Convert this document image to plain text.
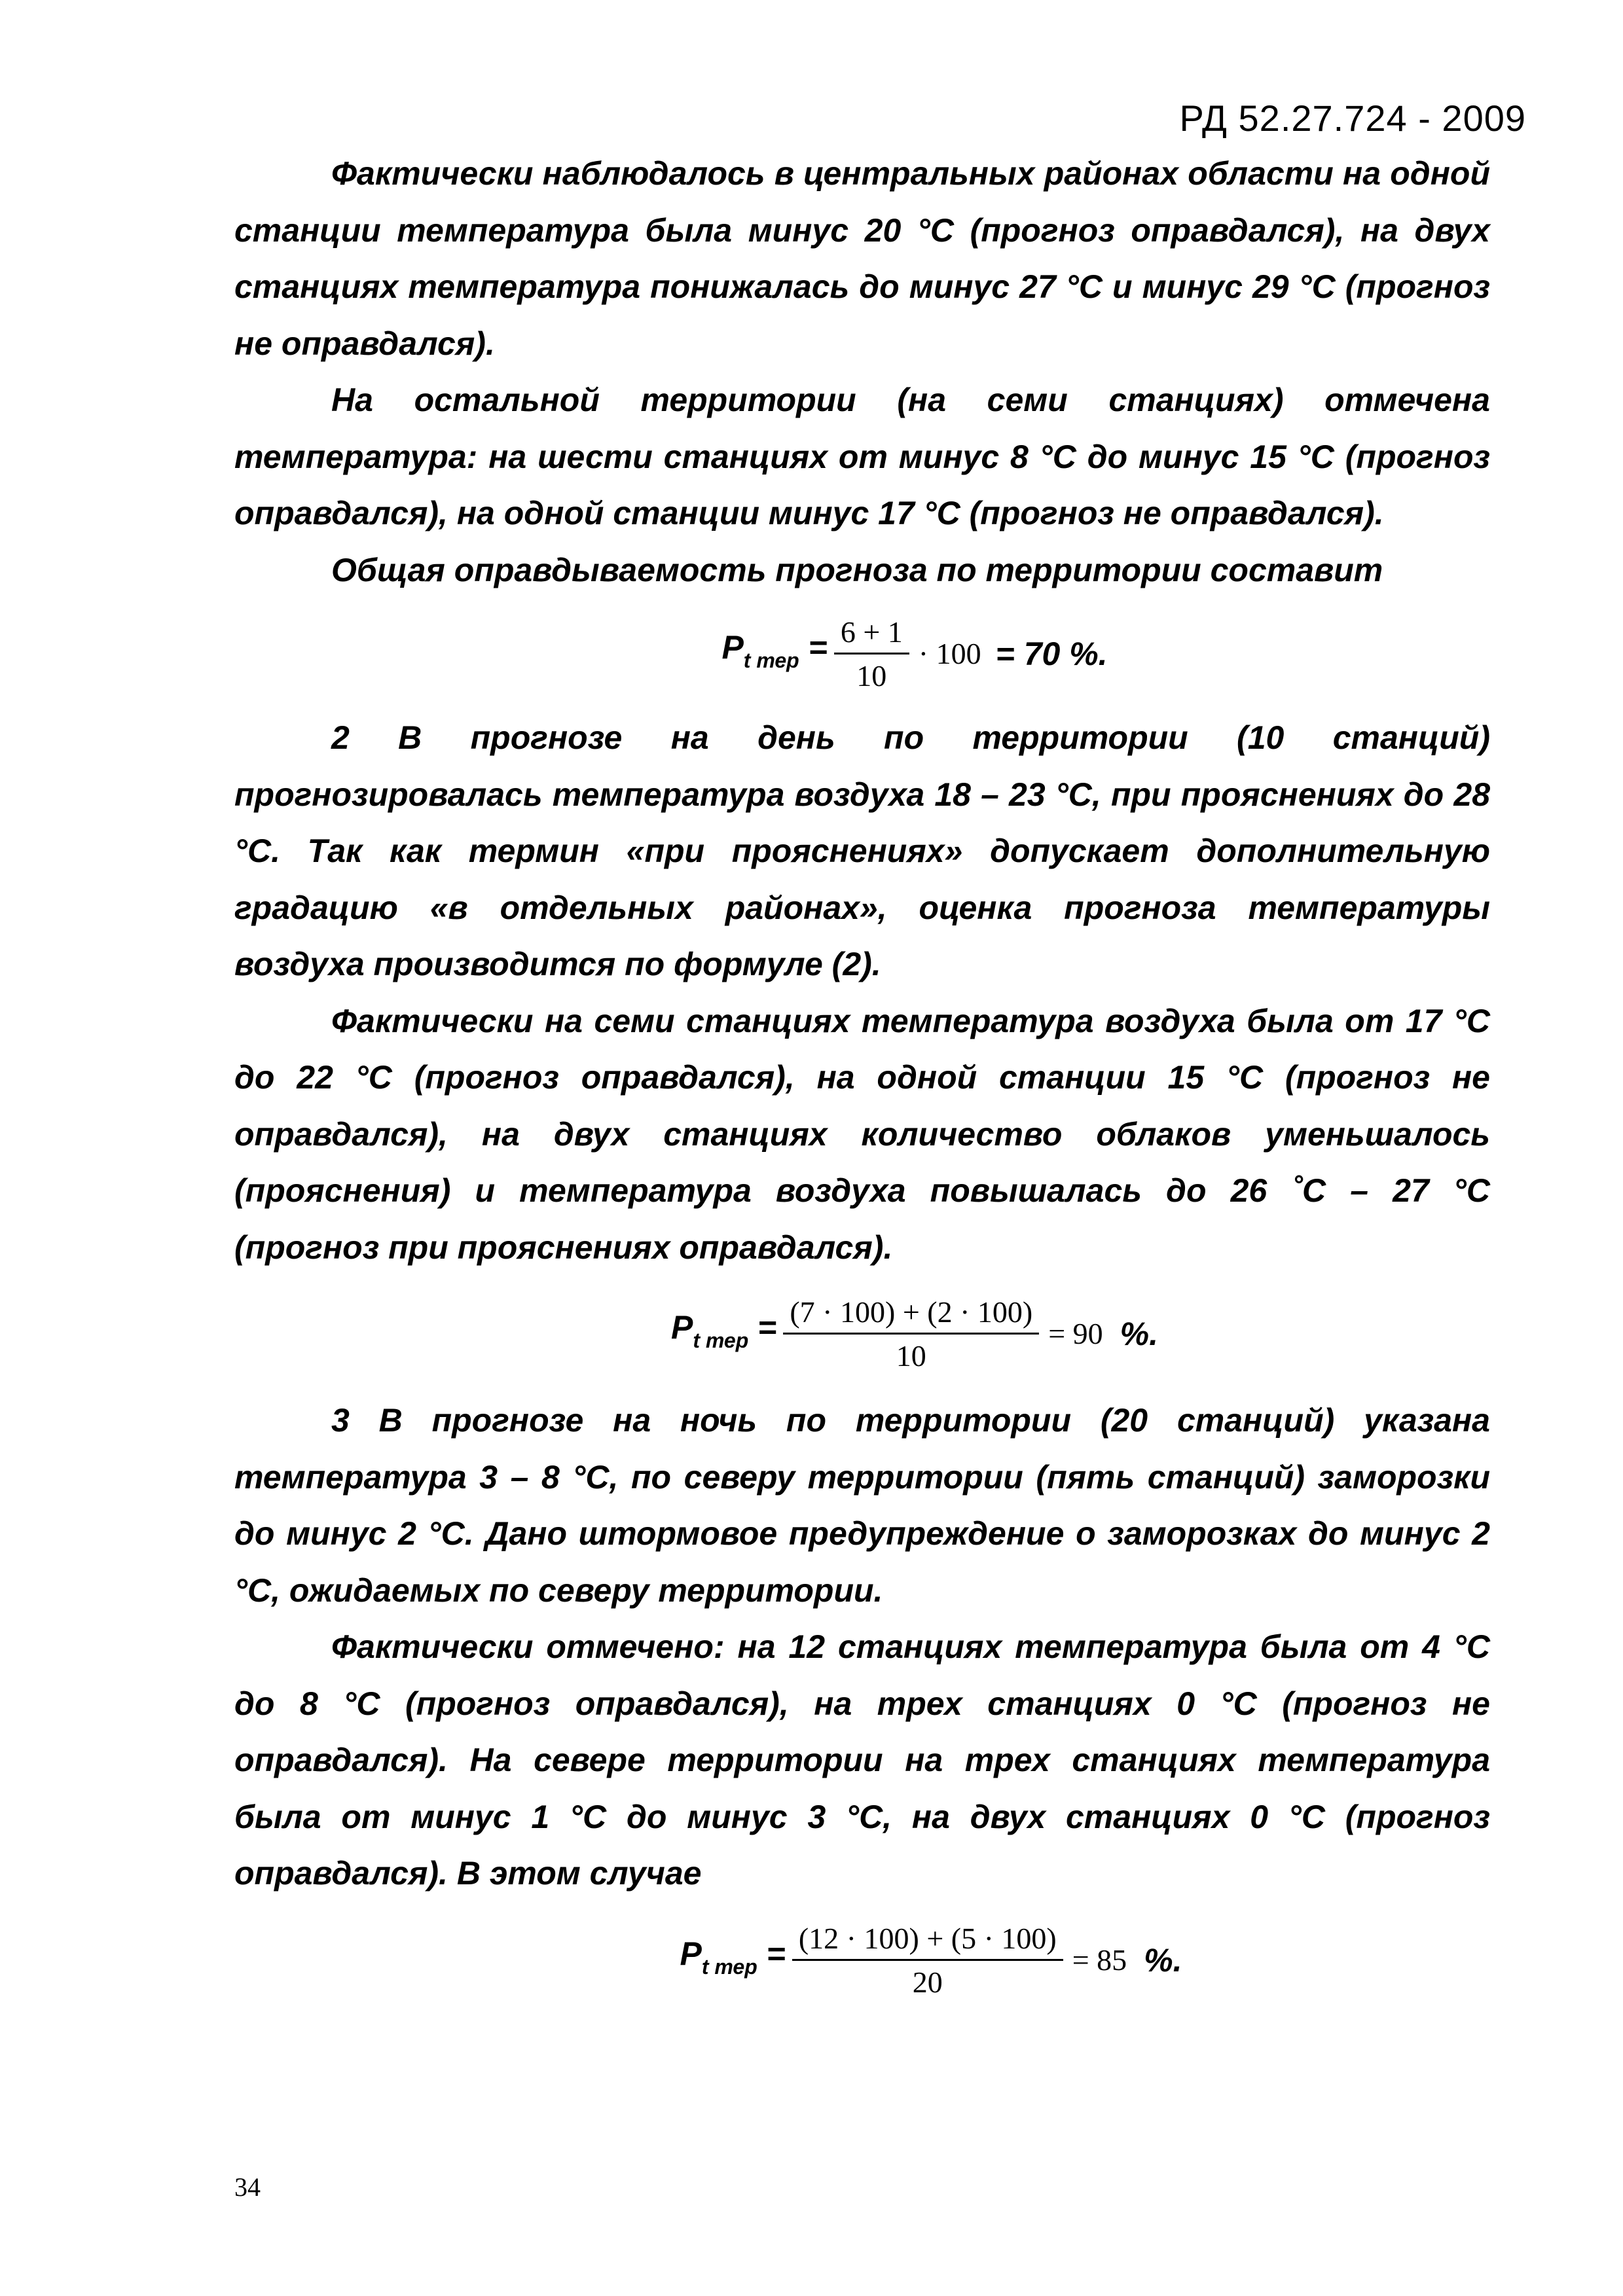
РД 52.27.724 - 2009

Фактически наблюдалось в центральных районах области на одной станции температура была минус 20 °С (прогноз оправдался), на двух станциях температура понижалась до минус 27 °С и минус 29 °С (прогноз не оправдался).

На остальной территории (на семи станциях) отмечена температура: на шести станциях от минус 8 °С до минус 15 °С (прогноз оправдался), на одной станции минус 17 °С (прогноз не оправдался).

Общая оправдываемость прогноза по территории составит

$P_{t тер} = \frac{6 + 1}{10} \cdot 100 = 70$ %.

2 В прогнозе на день по территории (10 станций) прогнозировалась температура воздуха 18 – 23 °С, при прояснениях до 28 °С. Так как термин «при прояснениях» допускает дополнительную градацию «в отдельных районах», оценка прогноза температуры воздуха производится по формуле (2).

Фактически на семи станциях температура воздуха была от 17 °С до 22 °С (прогноз оправдался), на одной станции 15 °С (прогноз не оправдался), на двух станциях количество облаков уменьшалось (прояснения) и температура воздуха повышалась до 26 ˚С – 27 °С (прогноз при прояснениях оправдался).

$P_{t тер} = \frac{(7 \cdot 100) + (2 \cdot 100)}{10} = 90$ %.

3 В прогнозе на ночь по территории (20 станций) указана температура 3 – 8 °С, по северу территории (пять станций) заморозки до минус 2 °С. Дано штормовое предупреждение о заморозках до минус 2 °С, ожидаемых по северу территории.

Фактически отмечено: на 12 станциях температура была от 4 °С до 8 °С (прогноз оправдался), на трех станциях 0 °С (прогноз не оправдался). На севере территории на трех станциях температура была от минус 1 °С до минус 3 °С, на двух станциях 0 °С (прогноз оправдался). В этом случае

$P_{t тер} = \frac{(12 \cdot 100) + (5 \cdot 100)}{20} = 85$ %.
34
